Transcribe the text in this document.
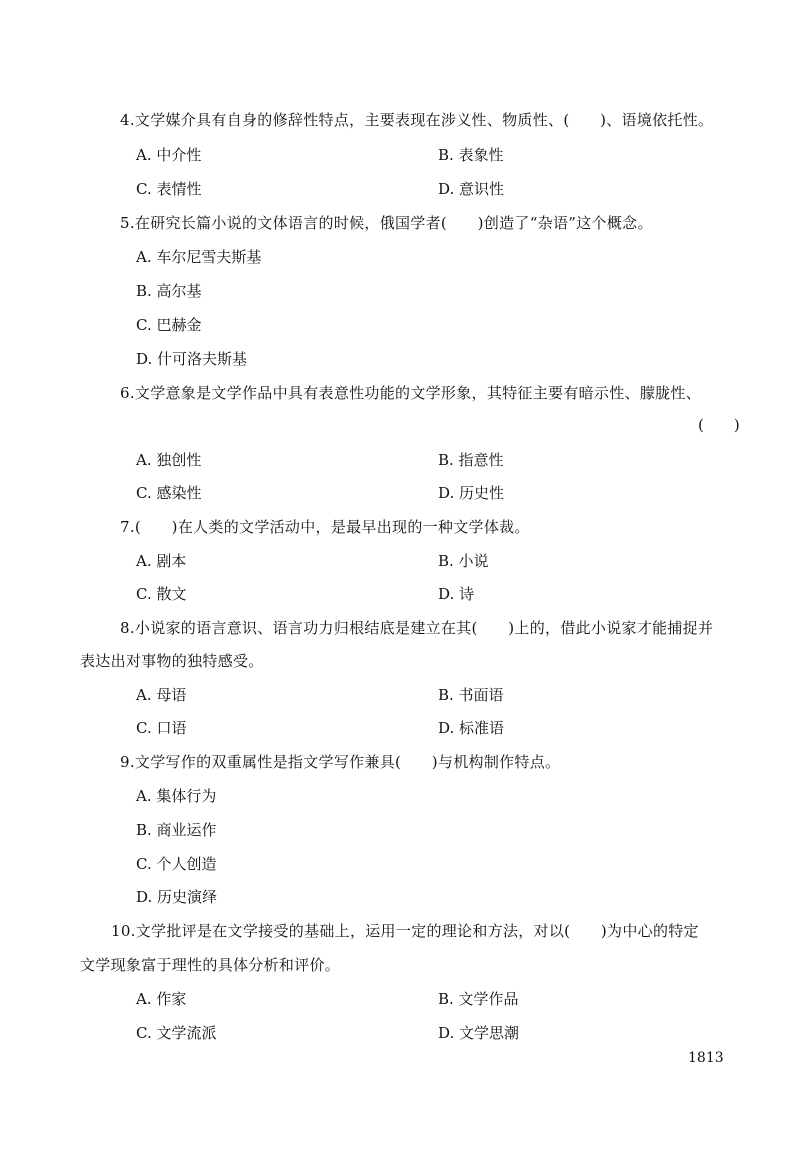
4.文学媒介具有自身的修辞性特点，主要表现在涉义性、物质性、(　　)、语境依托性。
A. 中介性	B. 表象性
C. 表情性	D. 意识性
5.在研究长篇小说的文体语言的时候，俄国学者(　　)创造了“杂语”这个概念。
A. 车尔尼雪夫斯基
B. 高尔基
C. 巴赫金
D. 什可洛夫斯基
6.文学意象是文学作品中具有表意性功能的文学形象，其特征主要有暗示性、朦胧性、
(　　)
A. 独创性	B. 指意性
C. 感染性	D. 历史性
7.(　　)在人类的文学活动中，是最早出现的一种文学体裁。
A. 剧本	B. 小说
C. 散文	D. 诗
8.小说家的语言意识、语言功力归根结底是建立在其(　　)上的，借此小说家才能捕捉并
表达出对事物的独特感受。
A. 母语	B. 书面语
C. 口语	D. 标准语
9.文学写作的双重属性是指文学写作兼具(　　)与机构制作特点。
A. 集体行为
B. 商业运作
C. 个人创造
D. 历史演绎
10.文学批评是在文学接受的基础上，运用一定的理论和方法，对以(　　)为中心的特定
文学现象富于理性的具体分析和评价。
A. 作家	B. 文学作品
C. 文学流派	D. 文学思潮
1813
